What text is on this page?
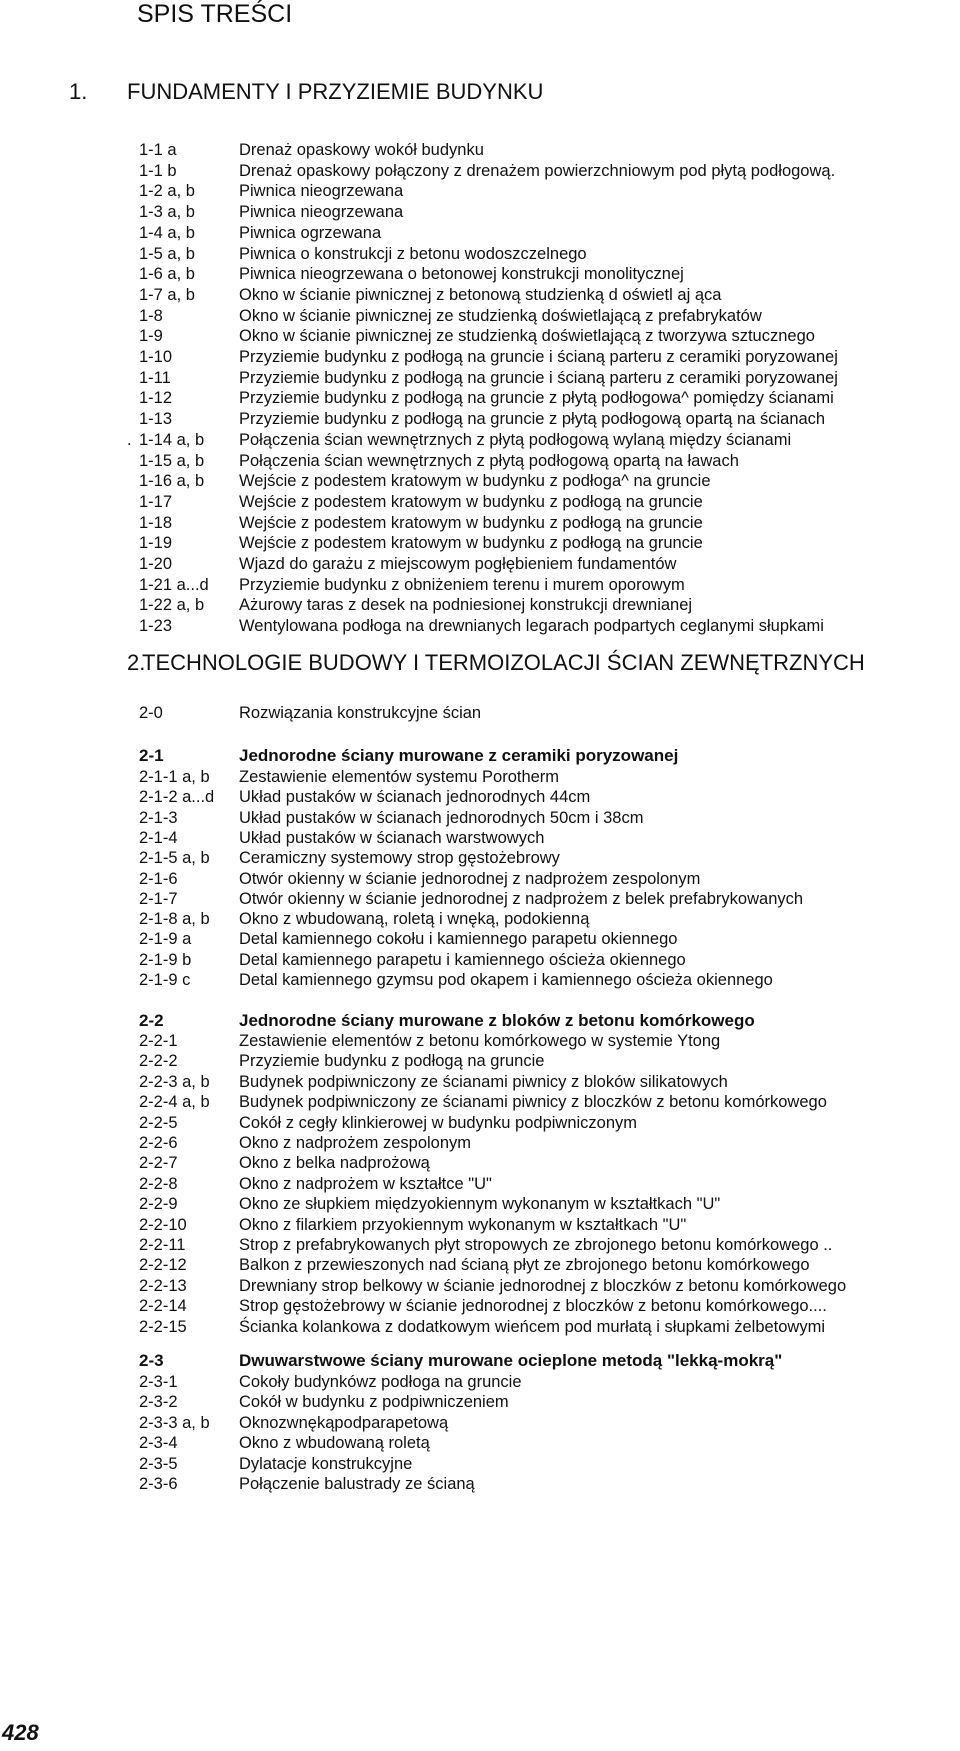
SPIS TREŚCI
1. FUNDAMENTY I PRZYZIEMIE BUDYNKU
1-1 a	Drenaż opaskowy wokół budynku
1-1 b	Drenaż opaskowy połączony z drenażem powierzchniowym pod płytą podłogową.
1-2 a, b	Piwnica nieogrzewana
1-3 a, b	Piwnica nieogrzewana
1-4 a, b	Piwnica ogrzewana
1-5 a, b	Piwnica o konstrukcji z betonu wodoszczelnego
1-6 a, b	Piwnica nieogrzewana o betonowej konstrukcji monolitycznej
1-7 a, b	Okno w ścianie piwnicznej z betonową studzienką d oświetl aj ąca
1-8	Okno w ścianie piwnicznej ze studzienką doświetlającą z prefabrykatów
1-9	Okno w ścianie piwnicznej ze studzienką doświetlającą z tworzywa sztucznego
1-10	Przyziemie budynku z podłogą na gruncie i ścianą parteru z ceramiki poryzowanej
1-11	Przyziemie budynku z podłogą na gruncie i ścianą parteru z ceramiki poryzowanej
1-12	Przyziemie budynku z podłogą na gruncie z płytą podłogowa^ pomiędzy ścianami
1-13	Przyziemie budynku z podłogą na gruncie z płytą podłogową opartą na ścianach
. 1-14 a, b Połączenia ścian wewnętrznych z płytą podłogową wylaną między ścianami
1-15 a, b Połączenia ścian wewnętrznych z płytą podłogową opartą na ławach
1-16 a, b Wejście z podestem kratowym w budynku z podłoga^ na gruncie
1-17	Wejście z podestem kratowym w budynku z podłogą na gruncie
1-18	Wejście z podestem kratowym w budynku z podłogą na gruncie
1-19	Wejście z podestem kratowym w budynku z podłogą na gruncie
1-20	Wjazd do garażu z miejscowym pogłębieniem fundamentów
1-21 a...d Przyziemie budynku z obniżeniem terenu i murem oporowym
1-22 a, b Ażurowy taras z desek na podniesionej konstrukcji drewnianej
1-23	Wentylowana podłoga na drewnianych legarach podpartych ceglanymi słupkami
2.
TECHNOLOGIE BUDOWY I TERMOIZOLACJI ŚCIAN ZEWNĘTRZNYCH
2-0	Rozwiązania konstrukcyjne ścian
2-1	Jednorodne ściany murowane z ceramiki poryzowanej
2-1-1 a, b Zestawienie elementów systemu Porotherm
2-1-2 a...d Układ pustaków w ścianach jednorodnych 44cm
2-1-3	Układ pustaków w ścianach jednorodnych 50cm i 38cm
2-1-4	Układ pustaków w ścianach warstwowych
2-1-5 a, b Ceramiczny systemowy strop gęstożebrowy
2-1-6	Otwór okienny w ścianie jednorodnej z nadprożem zespolonym
2-1-7	Otwór okienny w ścianie jednorodnej z nadprożem z belek prefabrykowanych
2-1-8 a, b Okno z wbudowaną, roletą i wnęką, podokienną
2-1-9 a	Detal kamiennego cokołu i kamiennego parapetu okiennego
2-1-9 b	Detal kamiennego parapetu i kamiennego ościeża okiennego
2-1-9 c	Detal kamiennego gzymsu pod okapem i kamiennego ościeża okiennego
2-2	Jednorodne ściany murowane z bloków z betonu komórkowego
2-2-1	Zestawienie elementów z betonu komórkowego w systemie Ytong
2-2-2	Przyziemie budynku z podłogą na gruncie
2-2-3 a, b Budynek podpiwniczony ze ścianami piwnicy z bloków silikatowych
2-2-4 a, b Budynek podpiwniczony ze ścianami piwnicy z bloczków z betonu komórkowego
2-2-5	Cokół z cegły klinkierowej w budynku podpiwniczonym
2-2-6	Okno z nadprożem zespolonym
2-2-7	Okno z belka nadprożową
2-2-8	Okno z nadprożem w kształtce "U"
2-2-9	Okno ze słupkiem międzyokiennym wykonanym w kształtkach "U"
2-2-10	Okno z filarkiem przyokiennym wykonanym w kształtkach "U"
2-2-11	Strop z prefabrykowanych płyt stropowych ze zbrojonego betonu komórkowego ..
2-2-12	Balkon z przewieszonych nad ścianą płyt ze zbrojonego betonu komórkowego
2-2-13	Drewniany strop belkowy w ścianie jednorodnej z bloczków z betonu komórkowego
2-2-14	Strop gęstożebrowy w ścianie jednorodnej z bloczków z betonu komórkowego....
2-2-15	Ścianka kolankowa z dodatkowym wieńcem pod murłatą i słupkami żelbetowymi
2-3	Dwuwarstwowe ściany murowane ocieplone metodą "lekką-mokrą"
2-3-1	Cokoły budynkówz podłoga na gruncie
2-3-2	Cokół w budynku z podpiwniczeniem
2-3-3 a, b Oknozwnękąpodparapetową
2-3-4	Okno z wbudowaną roletą
2-3-5	Dylatacje konstrukcyjne
2-3-6	Połączenie balustrady ze ścianą
428
